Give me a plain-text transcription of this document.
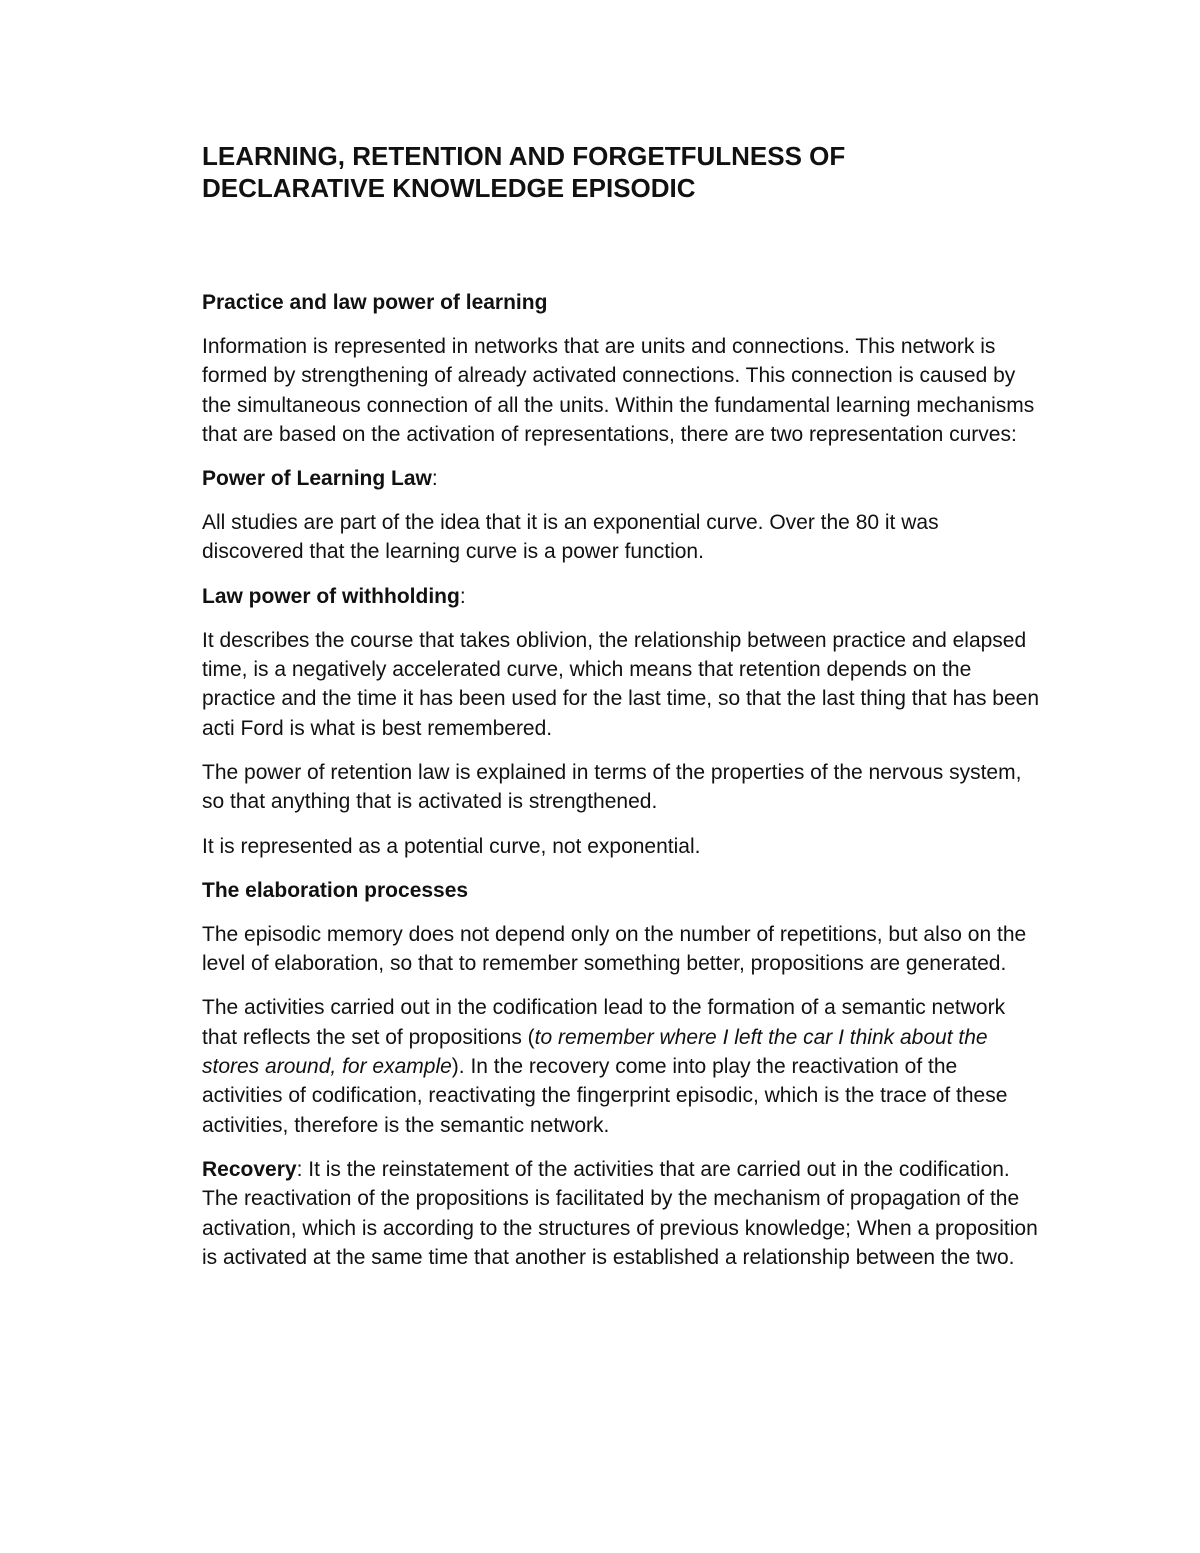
LEARNING, RETENTION AND FORGETFULNESS OF
DECLARATIVE KNOWLEDGE EPISODIC
Practice and law power of learning

Information is represented in networks that are units and connections. This network is formed by strengthening of already activated connections. This connection is caused by the simultaneous connection of all the units. Within the fundamental learning mechanisms that are based on the activation of representations, there are two representation curves:

Power of Learning Law:

All studies are part of the idea that it is an exponential curve. Over the 80 it was discovered that the learning curve is a power function.

Law power of withholding:

It describes the course that takes oblivion, the relationship between practice and elapsed time, is a negatively accelerated curve, which means that retention depends on the practice and the time it has been used for the last time, so that the last thing that has been acti Ford is what is best remembered.

The power of retention law is explained in terms of the properties of the nervous system, so that anything that is activated is strengthened.

It is represented as a potential curve, not exponential.

The elaboration processes

The episodic memory does not depend only on the number of repetitions, but also on the level of elaboration, so that to remember something better, propositions are generated.

The activities carried out in the codification lead to the formation of a semantic network that reflects the set of propositions (to remember where I left the car I think about the stores around, for example). In the recovery come into play the reactivation of the activities of codification, reactivating the fingerprint episodic, which is the trace of these activities, therefore is the semantic network.

Recovery: It is the reinstatement of the activities that are carried out in the codification. The reactivation of the propositions is facilitated by the mechanism of propagation of the activation, which is according to the structures of previous knowledge; When a proposition is activated at the same time that another is established a relationship between the two.
